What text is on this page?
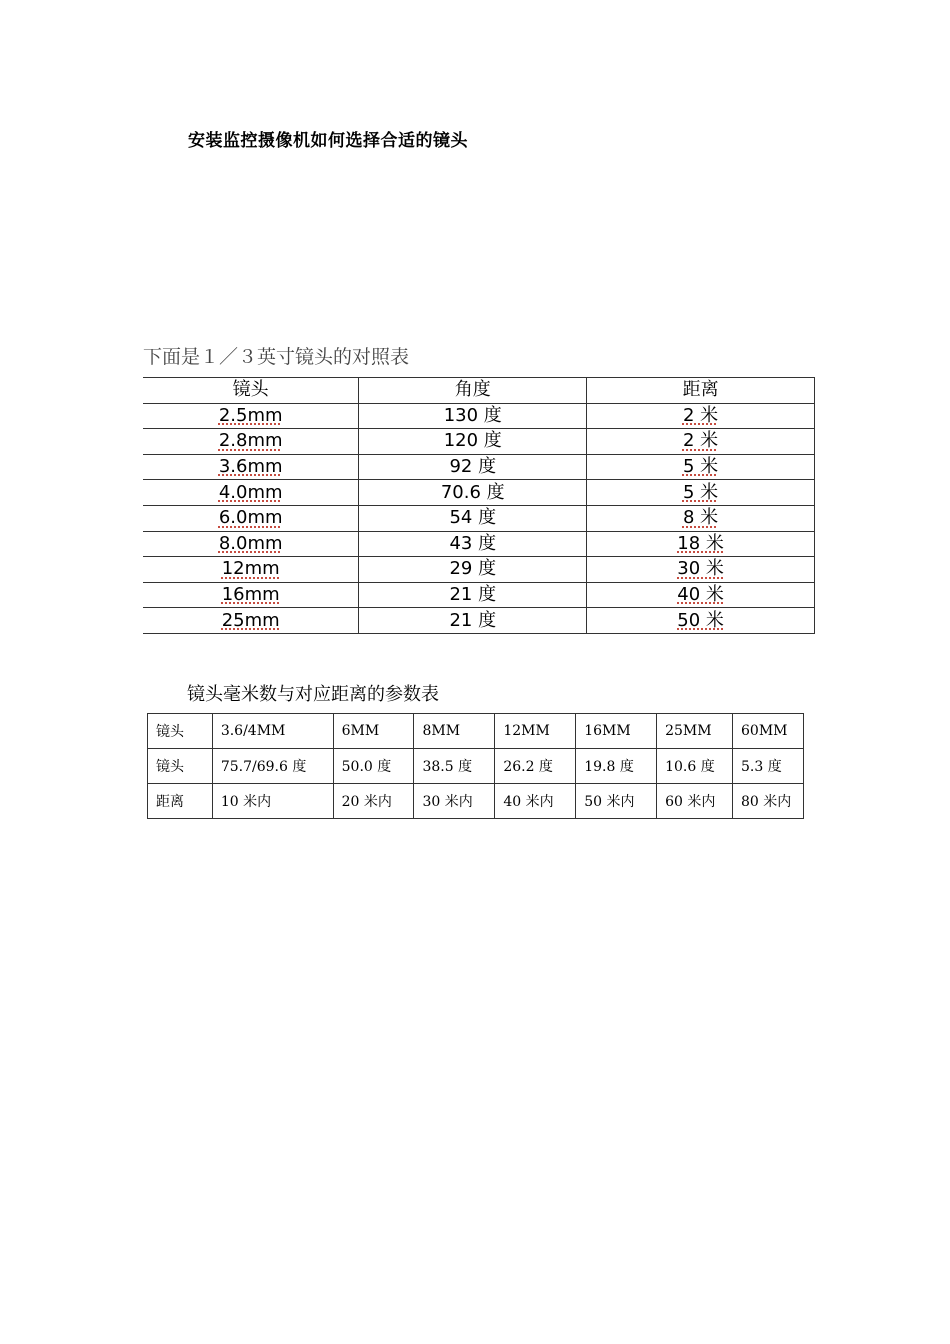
安装监控摄像机如何选择合适的镜头
下面是１／３英寸镜头的对照表
镜头	角度	距离
2.5mm	130 度	2 米
2.8mm	120 度	2 米
3.6mm	92 度	5 米
4.0mm	70.6 度	5 米
6.0mm	54 度	8 米
8.0mm	43 度	18 米
12mm	29 度	30 米
16mm	21 度	40 米
25mm	21 度	50 米
镜头毫米数与对应距离的参数表
镜头	3.6/4MM	6MM	8MM	12MM	16MM	25MM	60MM
镜头	75.7/69.6 度	50.0 度	38.5 度	26.2 度	19.8 度	10.6 度	5.3 度
距离	10 米内	20 米内	30 米内	40 米内	50 米内	60 米内	80 米内
